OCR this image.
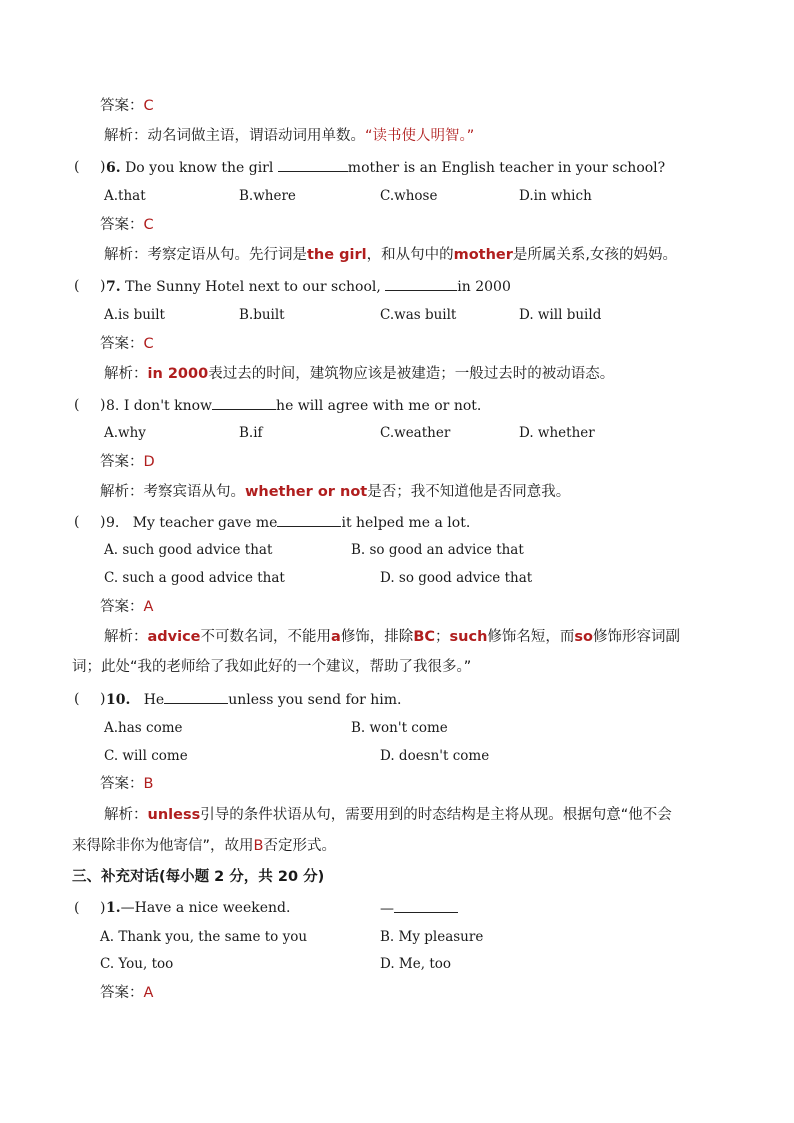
答案：C
解析：动名词做主语，谓语动词用单数。“读书使人明智。”
( ) 6. Do you know the girl	mother is an English teacher in your school?
A.that	B.where	C.whose	D.in which
答案：C
解析：考察定语从句。先行词是the girl，和从句中的mother是所属关系,女孩的妈妈。
( ) 7. The Sunny Hotel next to our school,	in 2000
A.is built	B.built	C.was built	D. will build
答案：C
解析：in 2000表过去的时间，建筑物应该是被建造；一般过去时的被动语态。
( ) 8. I don't know	he will agree with me or not.
A.why	B.if	C.weather	D. whether
答案：D
解析：考察宾语从句。whether or not是否；我不知道他是否同意我。
( ) 9. My teacher gave me	it helped me a lot.
A. such good advice that	B. so good an advice that
C. such a good advice that	D. so good advice that
答案：A
解析：advice不可数名词，不能用a修饰，排除BC；such修饰名短，而so修饰形容词副
词；此处“我的老师给了我如此好的一个建议，帮助了我很多。”
( ) 10. He	unless you send for him.
A.has come	B. won't come
C. will come	D. doesn't come
答案：B
解析：unless引导的条件状语从句，需要用到的时态结构是主将从现。根据句意“他不会
来得除非你为他寄信”，故用B否定形式。
三、补充对话(每小题 2 分，共 20 分)
( ) 1.—Have a nice weekend.	—
A. Thank you, the same to you	B. My pleasure
C. You, too	D. Me, too
答案：A
